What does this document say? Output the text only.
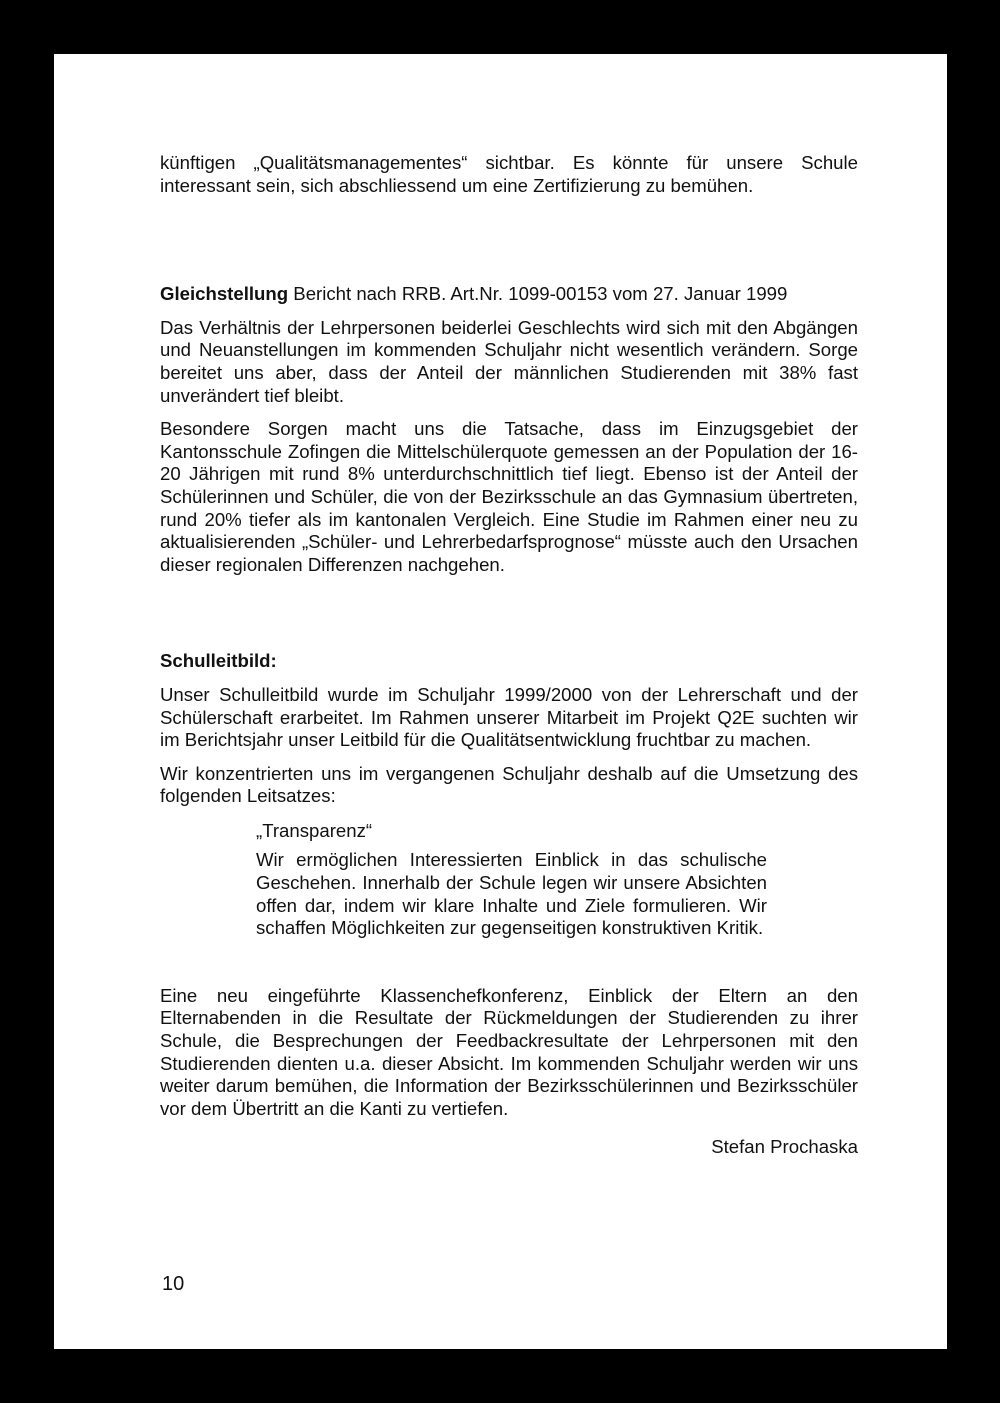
künftigen „Qualitätsmanagementes“ sichtbar. Es könnte für unsere Schule interessant sein, sich abschliessend um eine Zertifizierung zu bemühen.

Gleichstellung Bericht nach RRB. Art.Nr. 1099-00153 vom 27. Januar 1999

Das Verhältnis der Lehrpersonen beiderlei Geschlechts wird sich mit den Abgängen und Neuanstellungen im kommenden Schuljahr nicht wesentlich verändern. Sorge bereitet uns aber, dass der Anteil der männlichen Studierenden mit 38% fast unverändert tief bleibt.

Besondere Sorgen macht uns die Tatsache, dass im Einzugsgebiet der Kantonsschule Zofingen die Mittelschülerquote gemessen an der Population der 16-20 Jährigen mit rund 8% unterdurchschnittlich tief liegt. Ebenso ist der Anteil der Schülerinnen und Schüler, die von der Bezirksschule an das Gymnasium übertreten, rund 20% tiefer als im kantonalen Vergleich. Eine Studie im Rahmen einer neu zu aktualisierenden „Schüler- und Lehrerbedarfsprognose“ müsste auch den Ursachen dieser regionalen Differenzen nachgehen.

Schulleitbild:

Unser Schulleitbild wurde im Schuljahr 1999/2000 von der Lehrerschaft und der Schülerschaft erarbeitet. Im Rahmen unserer Mitarbeit im Projekt Q2E suchten wir im Berichtsjahr unser Leitbild für die Qualitätsentwicklung fruchtbar zu machen.

Wir konzentrierten uns im vergangenen Schuljahr deshalb auf die Umsetzung des folgenden Leitsatzes:

„Transparenz“

Wir ermöglichen Interessierten Einblick in das schulische Geschehen. Innerhalb der Schule legen wir unsere Absichten offen dar, indem wir klare Inhalte und Ziele formulieren. Wir schaffen Möglichkeiten zur gegenseitigen konstruktiven Kritik.

Eine neu eingeführte Klassenchefkonferenz, Einblick der Eltern an den Elternabenden in die Resultate der Rückmeldungen der Studierenden zu ihrer Schule, die Besprechungen der Feedbackresultate der Lehrpersonen mit den Studierenden dienten u.a. dieser Absicht. Im kommenden Schuljahr werden wir uns weiter darum bemühen, die Information der Bezirksschülerinnen und Bezirksschüler vor dem Übertritt an die Kanti zu vertiefen.

Stefan Prochaska

10
